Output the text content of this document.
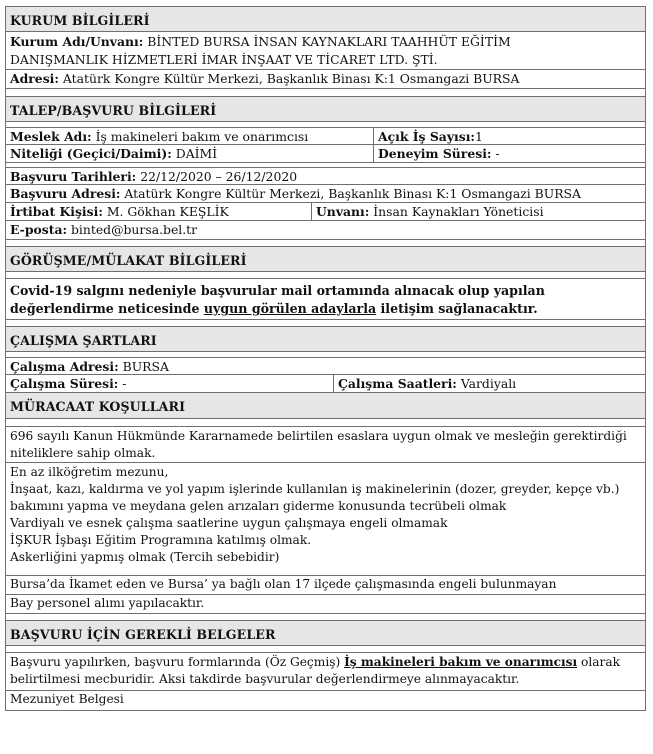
KURUM BİLGİLERİ
Kurum Adı/Unvanı: BİNTED BURSA İNSAN KAYNAKLARI TAAHHÜT EĞİTİM
DANIŞMANLIK HİZMETLERİ İMAR İNŞAAT VE TİCARET LTD. ŞTİ.
Adresi: Atatürk Kongre Kültür Merkezi, Başkanlık Binası K:1 Osmangazi BURSA
TALEP/BAŞVURU BİLGİLERİ
Meslek Adı: İş makineleri bakım ve onarımcısı	Açık İş Sayısı:1
Niteliği (Geçici/Daimi): DAİMİ	Deneyim Süresi: -
Başvuru Tarihleri: 22/12/2020 – 26/12/2020
Başvuru Adresi: Atatürk Kongre Kültür Merkezi, Başkanlık Binası K:1 Osmangazi BURSA
İrtibat Kişisi: M. Gökhan KEŞLİK	Unvanı: İnsan Kaynakları Yöneticisi
E-posta: binted@bursa.bel.tr
GÖRÜŞME/MÜLAKAT BİLGİLERİ
Covid-19 salgını nedeniyle başvurular mail ortamında alınacak olup yapılan değerlendirme neticesinde uygun görülen adaylarla iletişim sağlanacaktır.
ÇALIŞMA ŞARTLARI
Çalışma Adresi: BURSA
Çalışma Süresi: -	Çalışma Saatleri: Vardiyalı
MÜRACAAT KOŞULLARI
696 sayılı Kanun Hükmünde Kararnamede belirtilen esaslara uygun olmak ve mesleğin gerektirdiği niteliklere sahip olmak.
En az ilköğretim mezunu,
İnşaat, kazı, kaldırma ve yol yapım işlerinde kullanılan iş makinelerinin (dozer, greyder, kepçe vb.) bakımını yapma ve meydana gelen arızaları giderme konusunda tecrübeli olmak
Vardiyalı ve esnek çalışma saatlerine uygun çalışmaya engeli olmamak
İŞKUR İşbaşı Eğitim Programına katılmış olmak.
Askerliğini yapmış olmak (Tercih sebebidir)
Bursa’da İkamet eden ve Bursa’ ya bağlı olan 17 ilçede çalışmasında engeli bulunmayan
Bay personel alımı yapılacaktır.
BAŞVURU İÇİN GEREKLİ BELGELER
Başvuru yapılırken, başvuru formlarında (Öz Geçmiş) İş makineleri bakım ve onarımcısı olarak belirtilmesi mecburidir. Aksi takdirde başvurular değerlendirmeye alınmayacaktır.
Mezuniyet Belgesi
